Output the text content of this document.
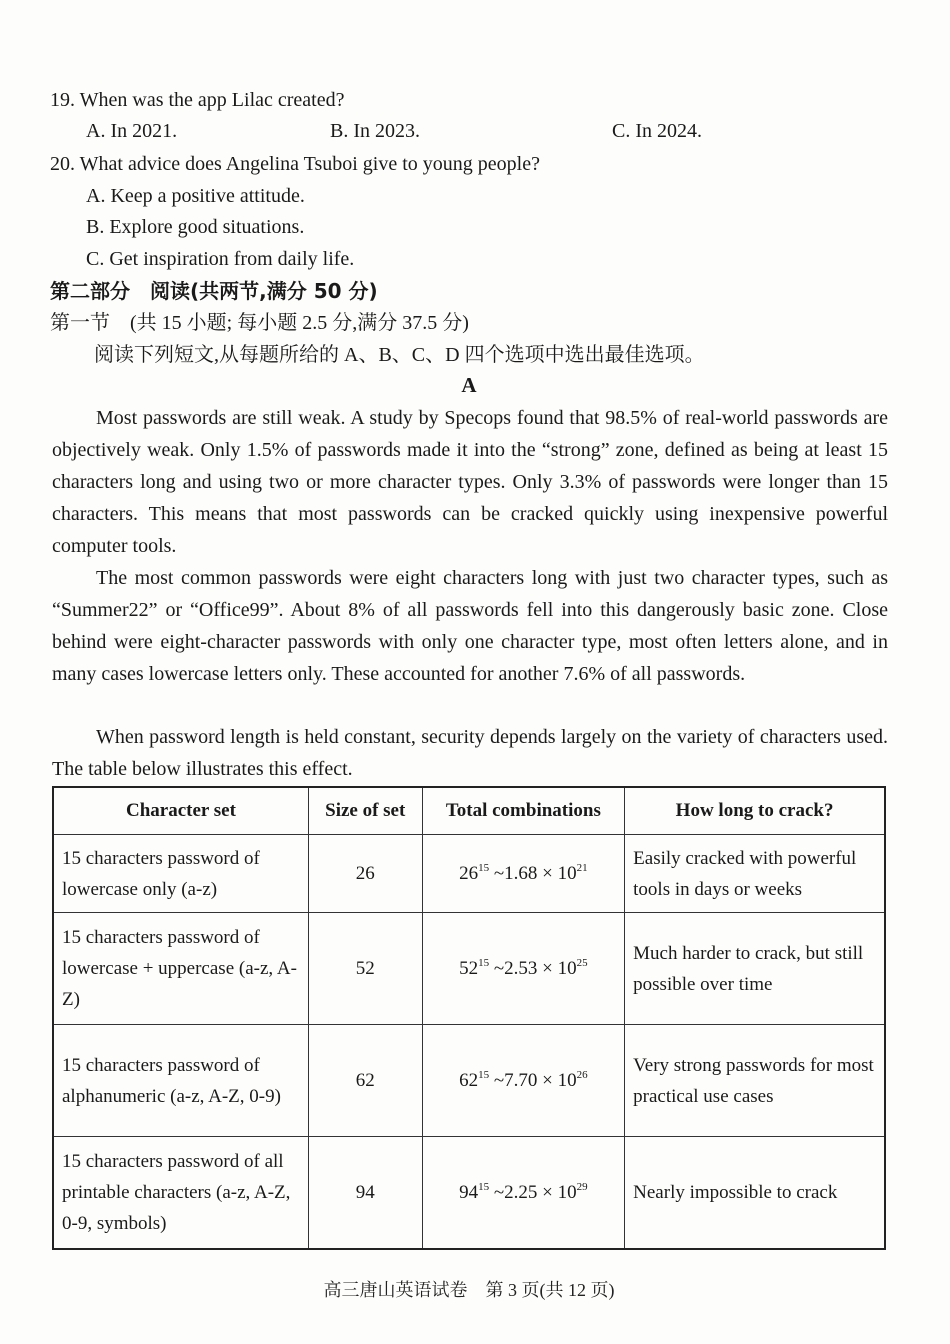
19. When was the app Lilac created?
A. In 2021.	B. In 2023.	C. In 2024.
20. What advice does Angelina Tsuboi give to young people?
A. Keep a positive attitude.
B. Explore good situations.
C. Get inspiration from daily life.
第二部分　阅读(共两节,满分 50 分)
第一节　(共 15 小题; 每小题 2.5 分,满分 37.5 分)
阅读下列短文,从每题所给的 A、B、C、D 四个选项中选出最佳选项。
A
Most passwords are still weak. A study by Specops found that 98.5% of real-world passwords are objectively weak. Only 1.5% of passwords made it into the “strong” zone, defined as being at least 15 characters long and using two or more character types. Only 3.3% of passwords were longer than 15 characters. This means that most passwords can be cracked quickly using inexpensive powerful computer tools.
The most common passwords were eight characters long with just two character types, such as “Summer22” or “Office99”. About 8% of all passwords fell into this dangerously basic zone. Close behind were eight-character passwords with only one character type, most often letters alone, and in many cases lowercase letters only. These accounted for another 7.6% of all passwords.
When password length is held constant, security depends largely on the variety of characters used. The table below illustrates this effect.
Character set	Size of set	Total combinations	How long to crack?
15 characters password of lowercase only (a-z)	26	$26^{15}$ ~1.68 × $10^{21}$	Easily cracked with powerful tools in days or weeks
15 characters password of lowercase + uppercase (a-z, A-Z)	52	$52^{15}$ ~2.53 × $10^{25}$	Much harder to crack, but still possible over time
15 characters password of alphanumeric (a-z, A-Z, 0-9)	62	$62^{15}$ ~7.70 × $10^{26}$	Very strong passwords for most practical use cases
15 characters password of all printable characters (a-z, A-Z, 0-9, symbols)	94	$94^{15}$ ~2.25 × $10^{29}$	Nearly impossible to crack
高三唐山英语试卷　第 3 页(共 12 页)
